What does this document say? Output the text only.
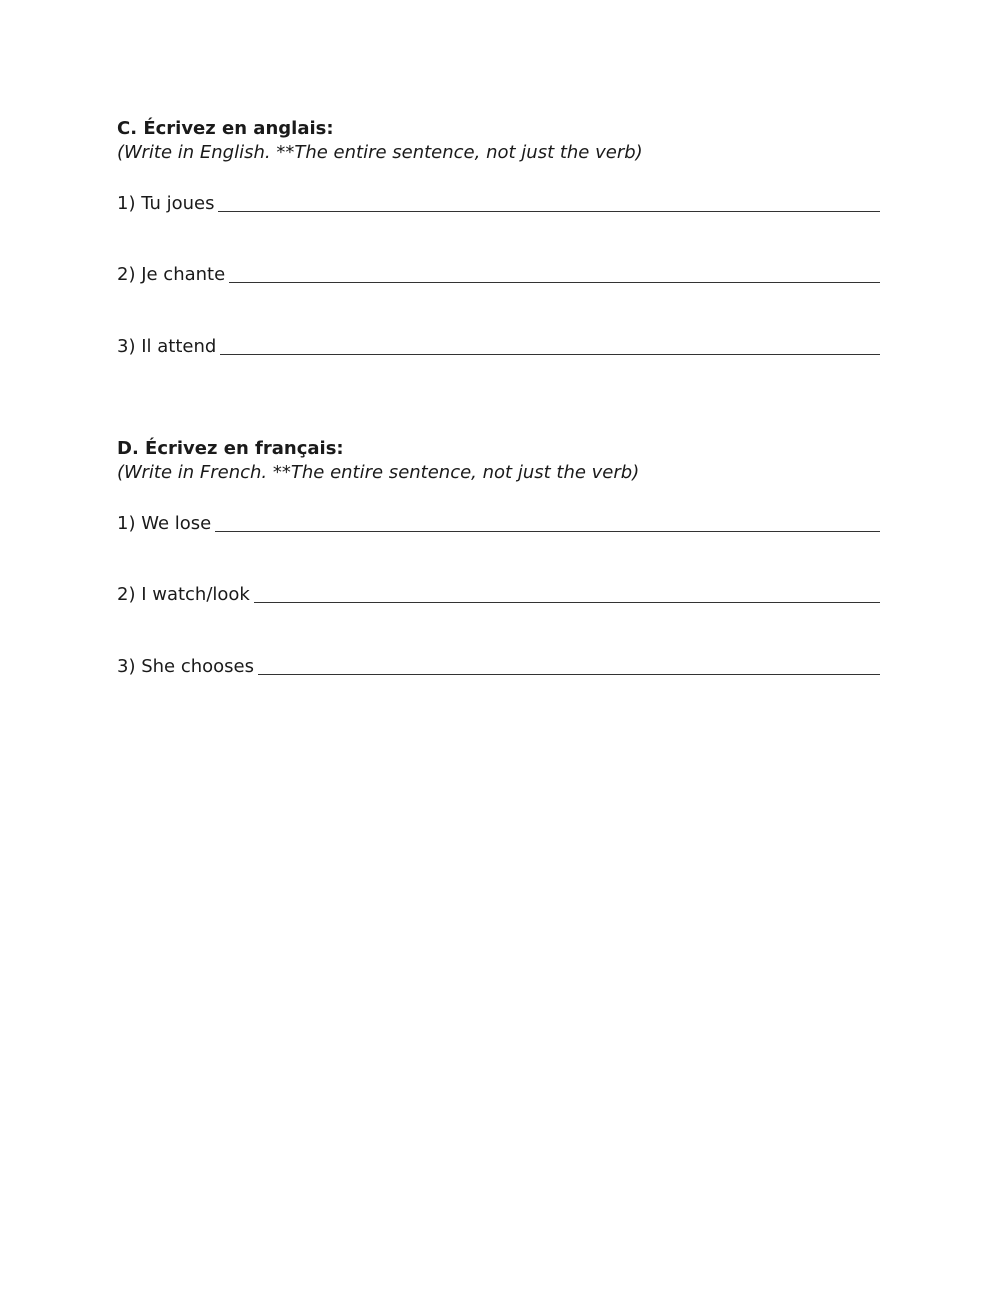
C. Écrivez en anglais:

(Write in English. **The entire sentence, not just the verb)

1) Tu joues
2) Je chante
3) Il attend

D. Écrivez en français:

(Write in French. **The entire sentence, not just the verb)

1) We lose
2) I watch/look
3) She chooses
